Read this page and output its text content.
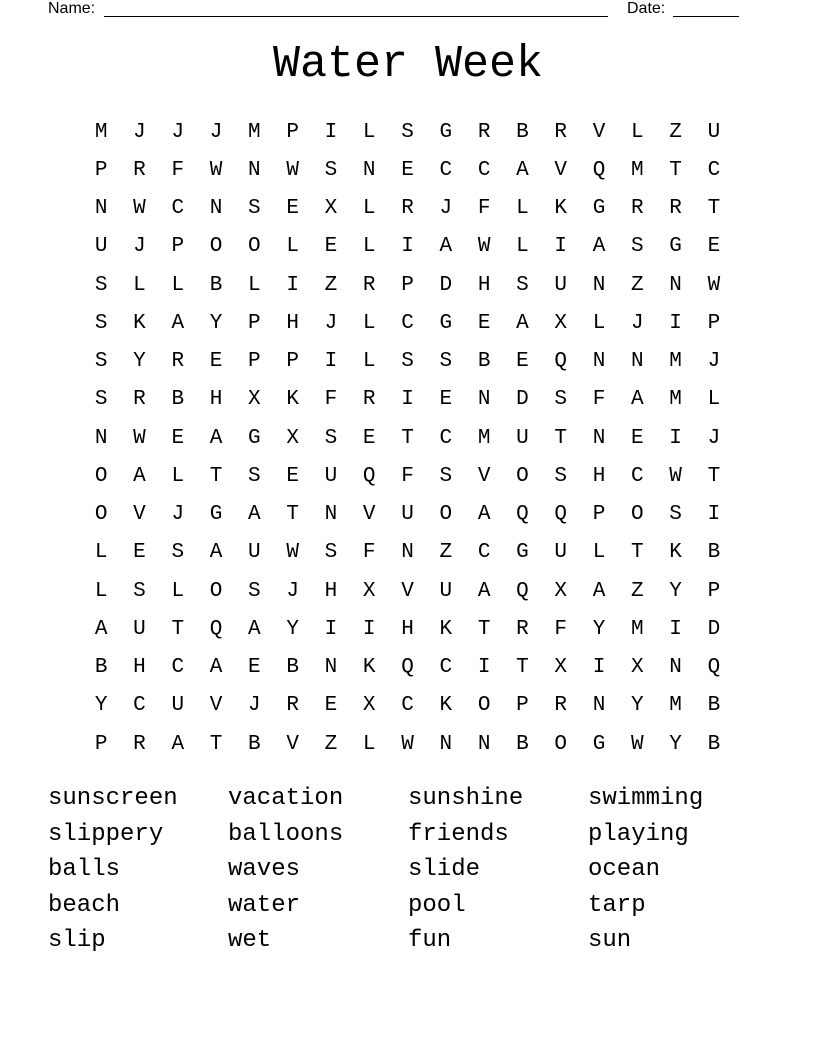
Name:	Date:
Water Week
M	J	J	J	M	P	I	L	S	G	R	B	R	V	L	Z	U
P	R	F	W	N	W	S	N	E	C	C	A	V	Q	M	T	C
N	W	C	N	S	E	X	L	R	J	F	L	K	G	R	R	T
U	J	P	O	O	L	E	L	I	A	W	L	I	A	S	G	E
S	L	L	B	L	I	Z	R	P	D	H	S	U	N	Z	N	W
S	K	A	Y	P	H	J	L	C	G	E	A	X	L	J	I	P
S	Y	R	E	P	P	I	L	S	S	B	E	Q	N	N	M	J
S	R	B	H	X	K	F	R	I	E	N	D	S	F	A	M	L
N	W	E	A	G	X	S	E	T	C	M	U	T	N	E	I	J
O	A	L	T	S	E	U	Q	F	S	V	O	S	H	C	W	T
O	V	J	G	A	T	N	V	U	O	A	Q	Q	P	O	S	I
L	E	S	A	U	W	S	F	N	Z	C	G	U	L	T	K	B
L	S	L	O	S	J	H	X	V	U	A	Q	X	A	Z	Y	P
A	U	T	Q	A	Y	I	I	H	K	T	R	F	Y	M	I	D
B	H	C	A	E	B	N	K	Q	C	I	T	X	I	X	N	Q
Y	C	U	V	J	R	E	X	C	K	O	P	R	N	Y	M	B
P	R	A	T	B	V	Z	L	W	N	N	B	O	G	W	Y	B
sunscreen	vacation	sunshine	swimming
slippery	balloons	friends	playing
balls	waves	slide	ocean
beach	water	pool	tarp
slip	wet	fun	sun
